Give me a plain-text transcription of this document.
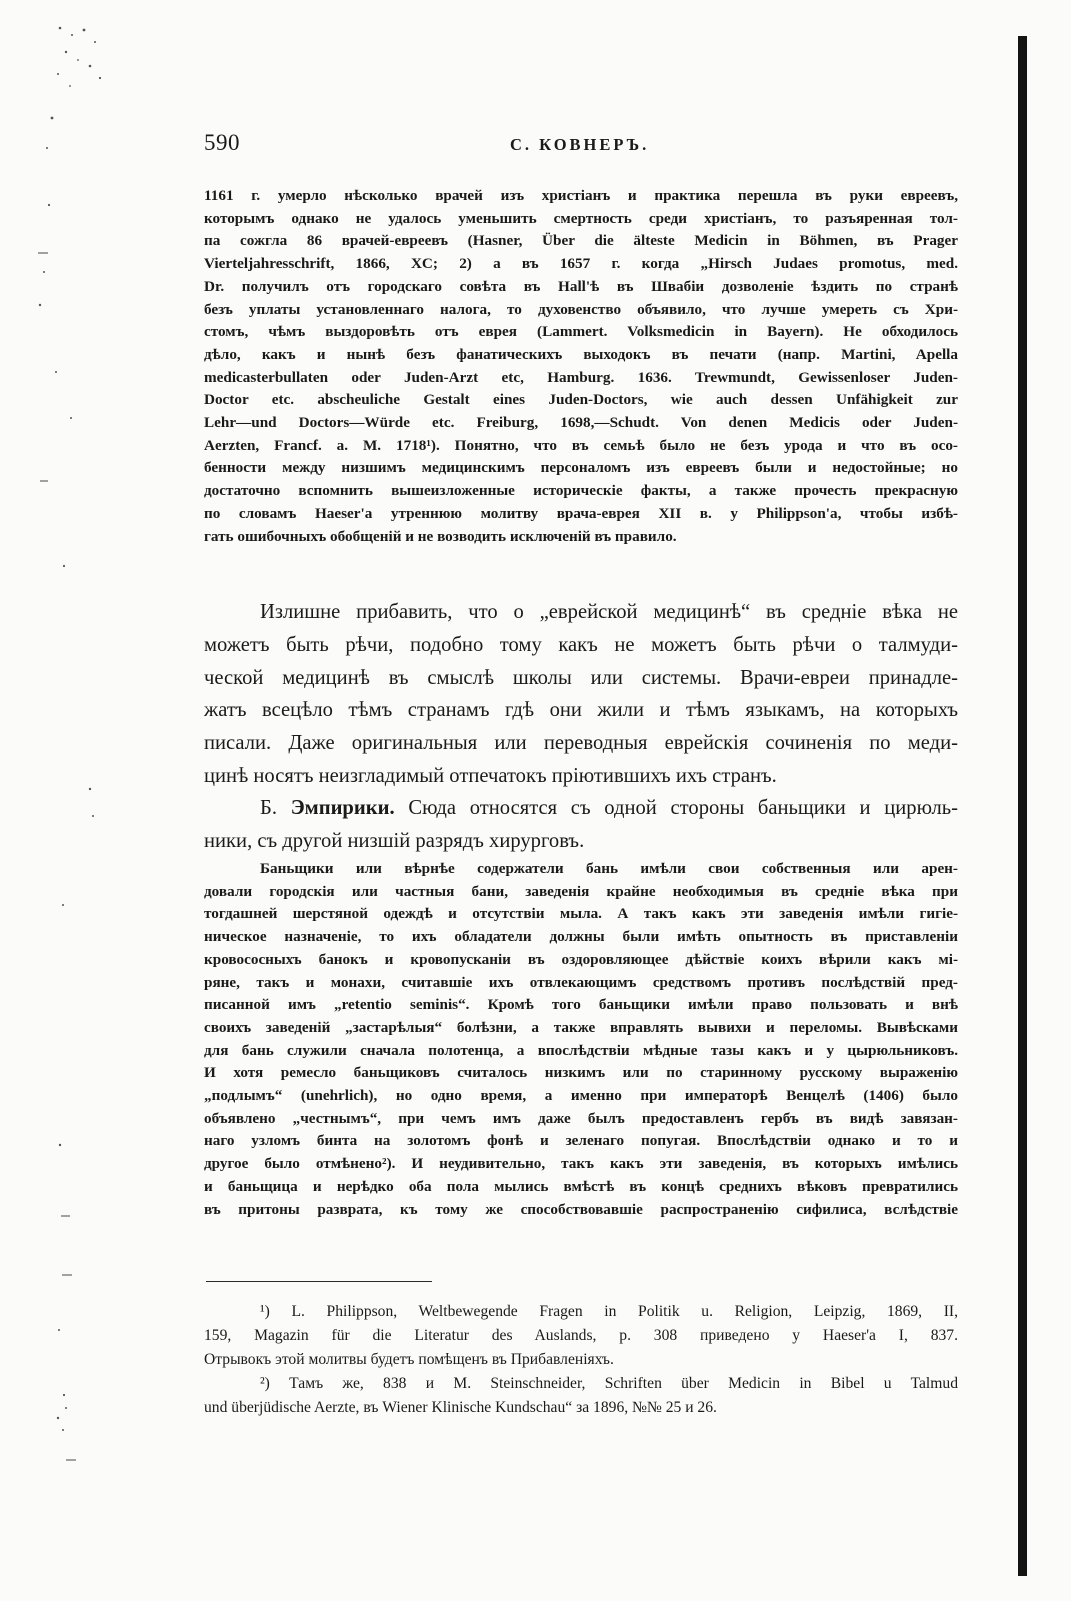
590	С. КОВНЕРЪ.
1161 г. умерло нѣсколько врачей изъ христіанъ и практика перешла въ руки евреевъ,
которымъ однако не удалось уменьшить смертность среди христіанъ, то разъяренная тол-
па сожгла 86 врачей-евреевъ (Hasner, Über die älteste Medicin in Böhmen, въ Prager
Vierteljahresschrift, 1866, XC; 2) а въ 1657 г. когда „Hirsch Judaes promotus, med.
Dr. получилъ отъ городскаго совѣта въ Hall'ѣ въ Швабіи дозволеніе ѣздить по странѣ
безъ уплаты установленнаго налога, то духовенство объявило, что лучше умереть съ Хри-
стомъ, чѣмъ выздоровѣть отъ еврея (Lammert. Volksmedicin in Bayern). Не обходилось
дѣло, какъ и нынѣ безъ фанатическихъ выходокъ въ печати (напр. Martini, Apella
medicasterbullaten oder Juden-Arzt etc, Hamburg. 1636. Trewmundt, Gewissenloser Juden-
Doctor etc. abscheuliche Gestalt eines Juden-Doctors, wie auch dessen Unfähigkeit zur
Lehr—und Doctors—Würde etc. Freiburg, 1698,—Schudt. Von denen Medicis oder Juden-
Aerzten, Francf. a. M. 1718¹). Понятно, что въ семьѣ было не безъ урода и что въ осо-
бенности между низшимъ медицинскимъ персоналомъ изъ евреевъ были и недостойные; но
достаточно вспомнить вышеизложенные историческіе факты, а также прочесть прекрасную
по словамъ Haeser'а утреннюю молитву врача-еврея XII в. у Philippson'а, чтобы избѣ-
гать ошибочныхъ обобщеній и не возводить исключеній въ правило.
Излишне прибавить, что о „еврейской медицинѣ“ въ средніе вѣка не
можетъ быть рѣчи, подобно тому какъ не можетъ быть рѣчи о талмуди-
ческой медицинѣ въ смыслѣ школы или системы. Врачи-евреи принадле-
жатъ всецѣло тѣмъ странамъ гдѣ они жили и тѣмъ языкамъ, на которыхъ
писали. Даже оригинальныя или переводныя еврейскія сочиненія по меди-
цинѣ носятъ неизгладимый отпечатокъ пріютившихъ ихъ странъ.
Б. Эмпирики. Сюда относятся съ одной стороны баньщики и цирюль-
ники, съ другой низшій разрядъ хирурговъ.
Баньщики или вѣрнѣе содержатели бань имѣли свои собственныя или арен-
довали городскія или частныя бани, заведенія крайне необходимыя въ средніе вѣка при
тогдашней шерстяной одеждѣ и отсутствіи мыла. А такъ какъ эти заведенія имѣли гигіе-
ническое назначеніе, то ихъ обладатели должны были имѣть опытность въ приставленіи
кровососныхъ банокъ и кровопусканіи въ оздоровляющее дѣйствіе коихъ вѣрили какъ мі-
ряне, такъ и монахи, считавшіе ихъ отвлекающимъ средствомъ противъ послѣдствій пред-
писанной имъ „retentio seminis“. Кромѣ того баньщики имѣли право пользовать и внѣ
своихъ заведеній „застарѣлыя“ болѣзни, а также вправлять вывихи и переломы. Вывѣсками
для бань служили сначала полотенца, а впослѣдствіи мѣдные тазы какъ и у цырюльниковъ.
И хотя ремесло баньщиковъ считалось низкимъ или по старинному русскому выраженію
„подлымъ“ (unehrlich), но одно время, а именно при императорѣ Венцелѣ (1406) было
объявлено „честнымъ“, при чемъ имъ даже былъ предоставленъ гербъ въ видѣ завязан-
наго узломъ бинта на золотомъ фонѣ и зеленаго попугая. Впослѣдствіи однако и то и
другое было отмѣнено²). И неудивительно, такъ какъ эти заведенія, въ которыхъ имѣлись
и баньщица и нерѣдко оба пола мылись вмѣстѣ въ концѣ среднихъ вѣковъ превратились
въ притоны разврата, къ тому же способствовавшіе распространенію сифилиса, вслѣдствіе
¹) L. Philippson, Weltbewegende Fragen in Politik u. Religion, Leipzig, 1869, II,
159, Magazin für die Literatur des Auslands, p. 308 приведено у Haeser'а I, 837.
Отрывокъ этой молитвы будетъ помѣщенъ въ Прибавленіяхъ.
²) Тамъ же, 838 и M. Steinschneider, Schriften über Medicin in Bibel u Talmud
und überjüdische Aerzte, въ Wiener Klinische Kundschau“ за 1896, №№ 25 и 26.
